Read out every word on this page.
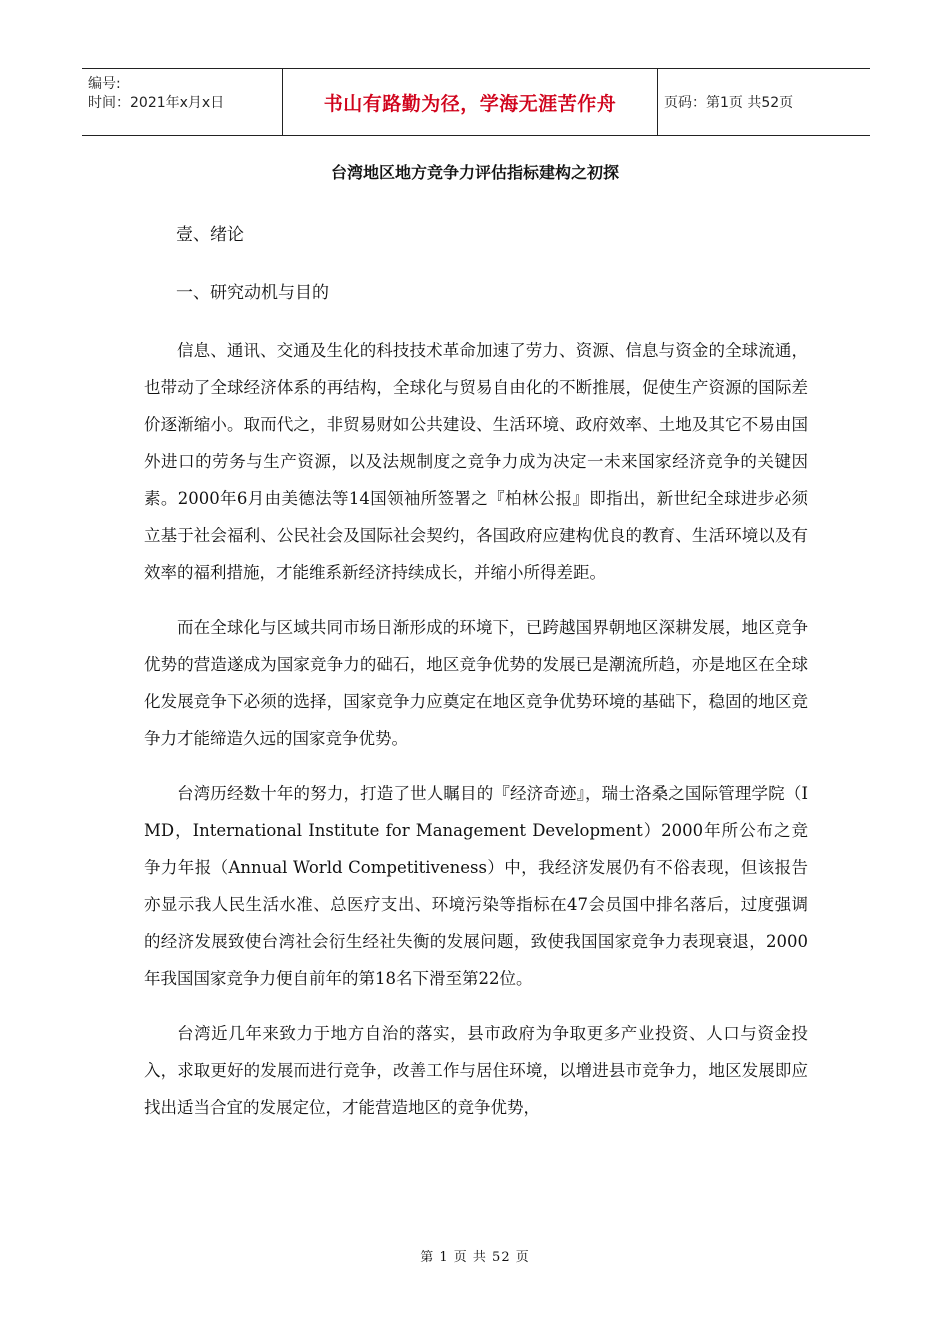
编号:
时间：2021年x月x日	书山有路勤为径，学海无涯苦作舟	页码：第1页 共52页
台湾地区地方竞争力评估指标建构之初探
壹、绪论
一、研究动机与目的

信息、通讯、交通及生化的科技技术革命加速了劳力、资源、信息与资金的全球流通，也带动了全球经济体系的再结构，全球化与贸易自由化的不断推展，促使生产资源的国际差价逐渐缩小。取而代之，非贸易财如公共建设、生活环境、政府效率、土地及其它不易由国外进口的劳务与生产资源，以及法规制度之竞争力成为决定一未来国家经济竞争的关键因素。2000年6月由美德法等14国领袖所签署之『柏林公报』即指出，新世纪全球进步必须立基于社会福利、公民社会及国际社会契约，各国政府应建构优良的教育、生活环境以及有效率的福利措施，才能维系新经济持续成长，并缩小所得差距。

而在全球化与区域共同市场日渐形成的环境下，已跨越国界朝地区深耕发展，地区竞争优势的营造遂成为国家竞争力的础石，地区竞争优势的发展已是潮流所趋，亦是地区在全球化发展竞争下必须的选择，国家竞争力应奠定在地区竞争优势环境的基础下，稳固的地区竞争力才能缔造久远的国家竞争优势。

台湾历经数十年的努力，打造了世人瞩目的『经济奇迹』，瑞士洛桑之国际管理学院（IMD，International Institute for Management Development）2000年所公布之竞争力年报（Annual World Competitiveness）中，我经济发展仍有不俗表现，但该报告亦显示我人民生活水准、总医疗支出、环境污染等指标在47会员国中排名落后，过度强调的经济发展致使台湾社会衍生经社失衡的发展问题，致使我国国家竞争力表现衰退，2000年我国国家竞争力便自前年的第18名下滑至第22位。

台湾近几年来致力于地方自治的落实，县市政府为争取更多产业投资、人口与资金投入，求取更好的发展而进行竞争，改善工作与居住环境，以增进县市竞争力，地区发展即应找出适当合宜的发展定位，才能营造地区的竞争优势，

第 1 页 共 52 页
